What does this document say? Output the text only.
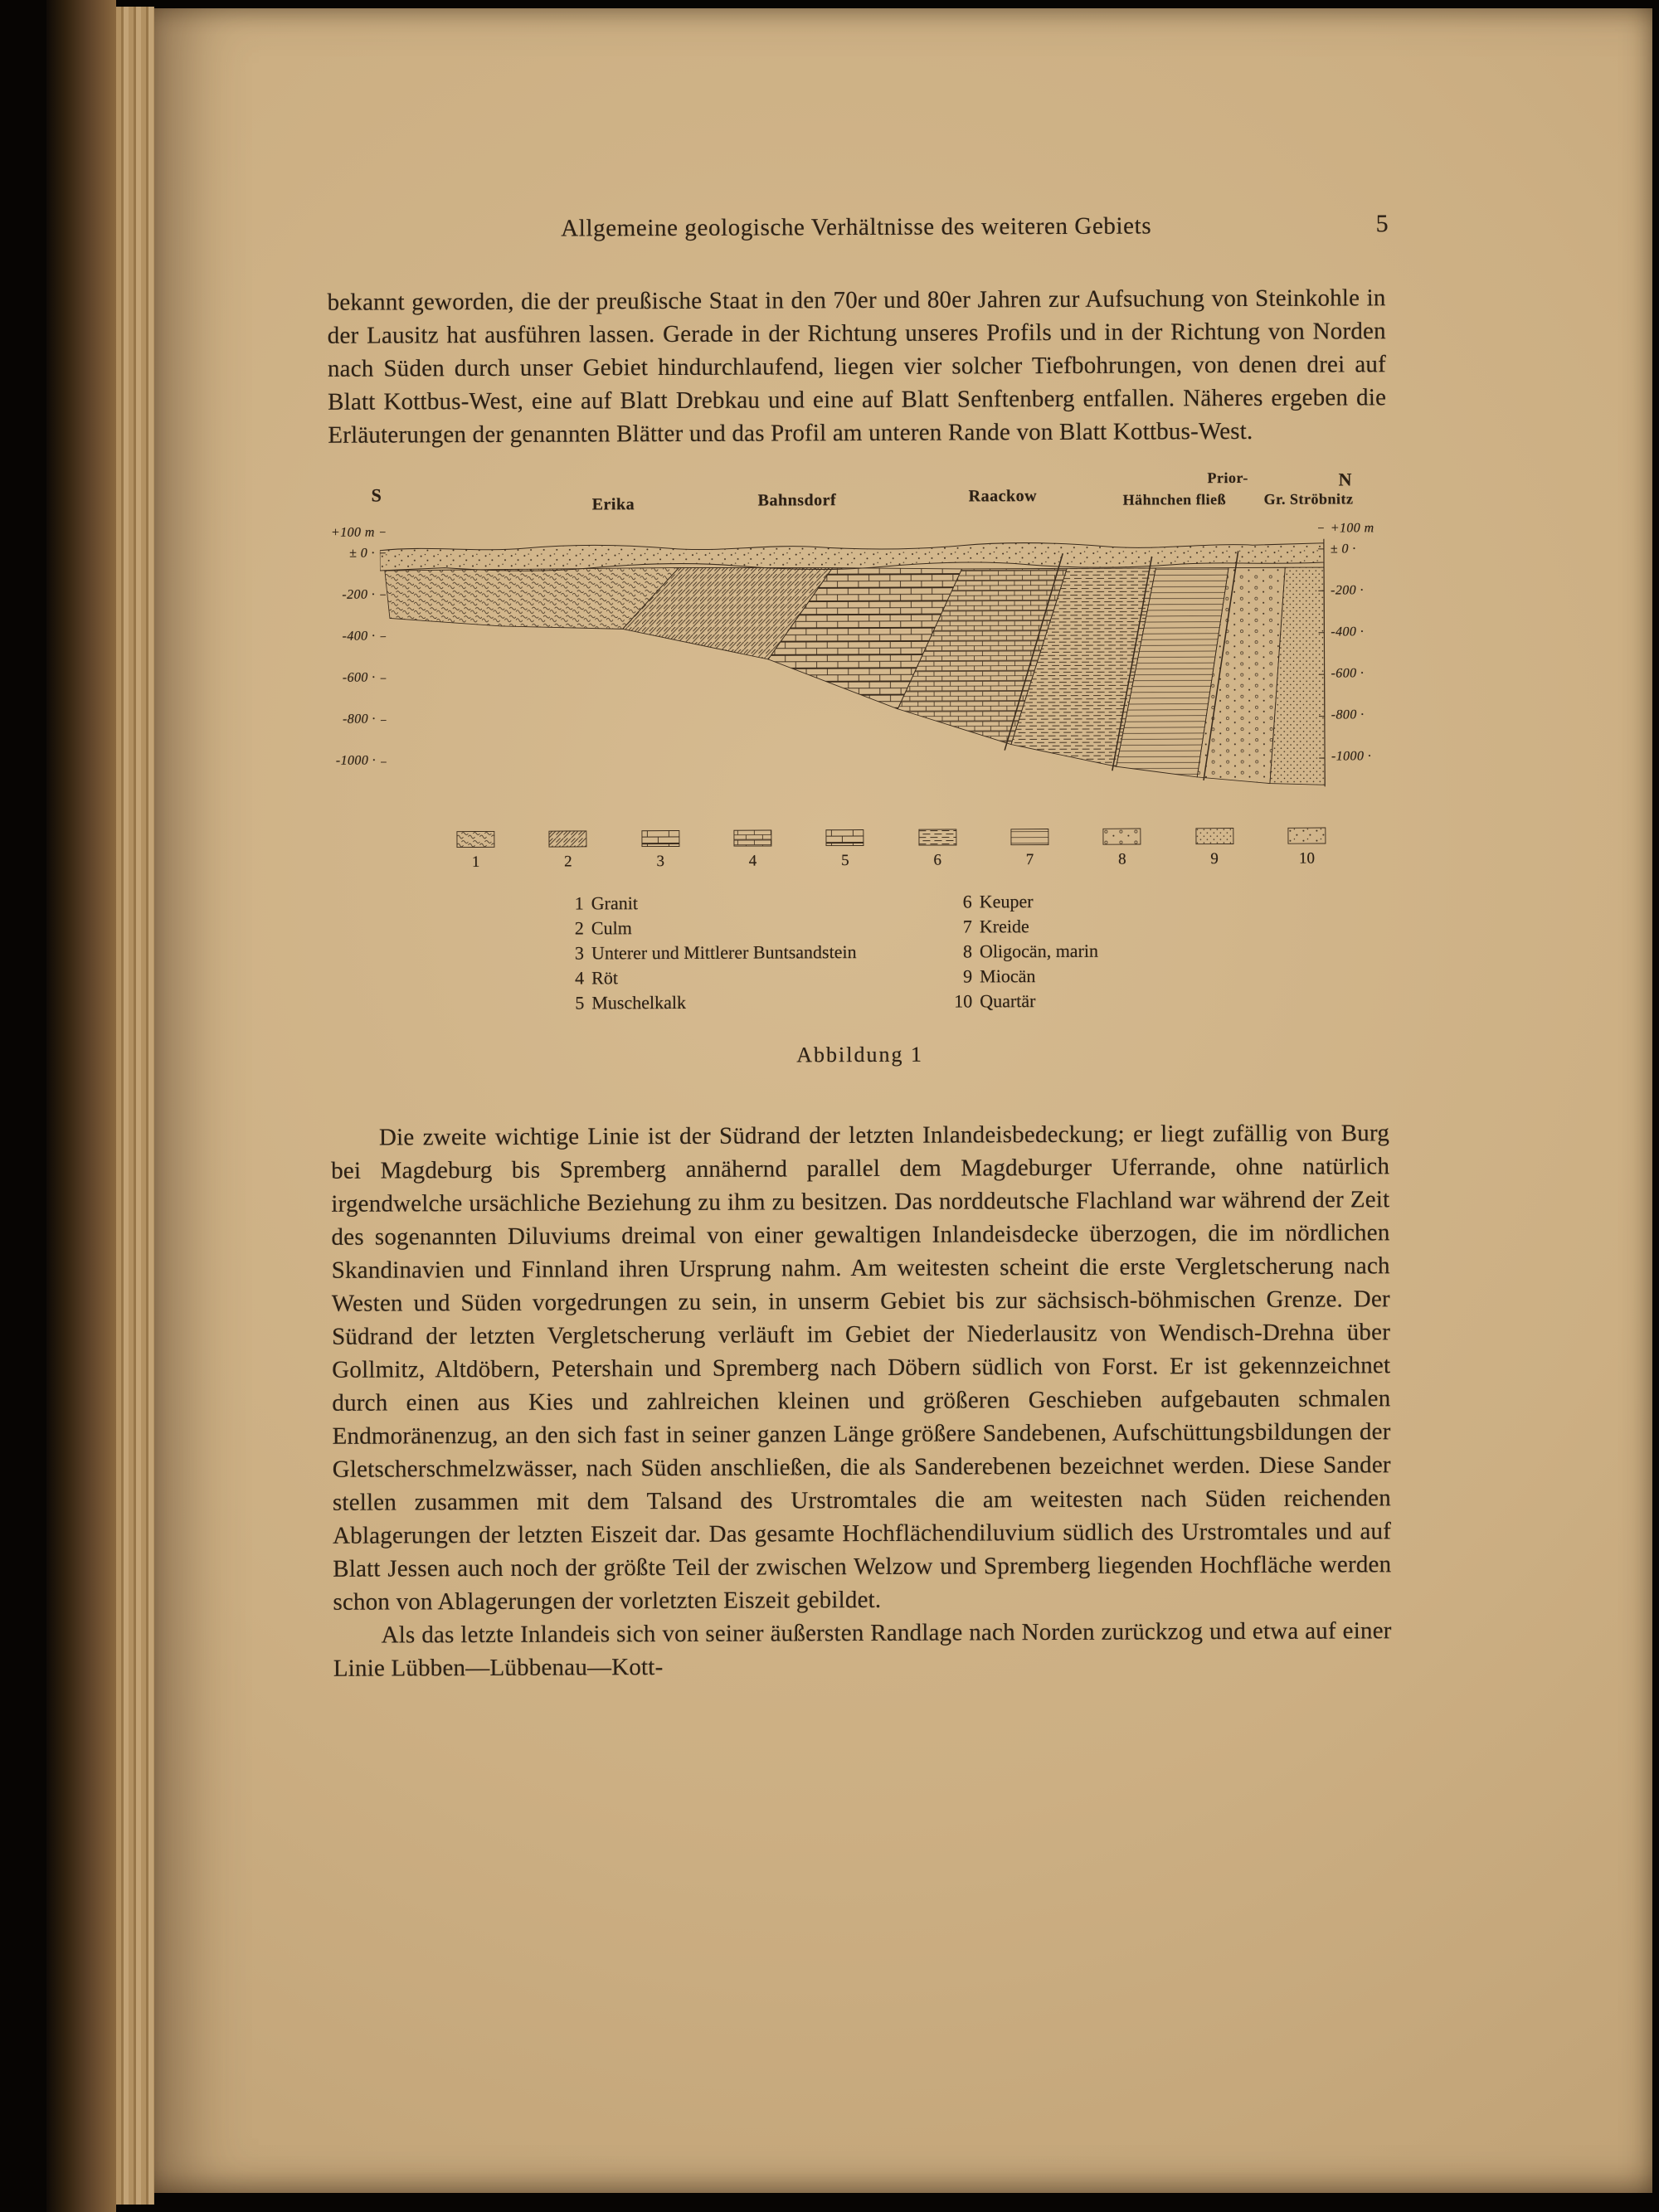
Allgemeine geologische Verhältnisse des weiteren Gebiets	5

bekannt geworden, die der preußische Staat in den 70er und 80er Jahren zur Aufsuchung von Steinkohle in der Lausitz hat ausführen lassen. Gerade in der Richtung unseres Profils und in der Richtung von Norden nach Süden durch unser Gebiet hindurchlaufend, liegen vier solcher Tiefbohrungen, von denen drei auf Blatt Kottbus-West, eine auf Blatt Drebkau und eine auf Blatt Senftenberg entfallen. Näheres ergeben die Erläuterungen der genannten Blätter und das Profil am unteren Rande von Blatt Kottbus-West.

S	Erika	Bahnsdorf	Raackow
Prior-	N
Hähnchen fließ	Gr. Ströbnitz
+100 m
± 0 ·
-200 ·
-400 ·
-600 ·
-800 ·
-1000 ·
+100 m
± 0 ·
-200 ·
-400 ·
-600 ·
-800 ·
-1000 ·
1	2	3	4	5	6	7	8	9	10
1 Granit
2 Culm
3 Unterer und Mittlerer Buntsandstein
4 Röt
5 Muschelkalk
6 Keuper
7 Kreide
8 Oligocän, marin
9 Miocän
10 Quartär
Abbildung 1

Die zweite wichtige Linie ist der Südrand der letzten Inlandeisbedeckung; er liegt zufällig von Burg bei Magdeburg bis Spremberg annähernd parallel dem Magdeburger Uferrande, ohne natürlich irgendwelche ursächliche Beziehung zu ihm zu besitzen. Das norddeutsche Flachland war während der Zeit des sogenannten Diluviums dreimal von einer gewaltigen Inlandeisdecke überzogen, die im nördlichen Skandinavien und Finnland ihren Ursprung nahm. Am weitesten scheint die erste Vergletscherung nach Westen und Süden vorgedrungen zu sein, in unserm Gebiet bis zur sächsisch-böhmischen Grenze. Der Südrand der letzten Vergletscherung verläuft im Gebiet der Niederlausitz von Wendisch-Drehna über Gollmitz, Altdöbern, Petershain und Spremberg nach Döbern südlich von Forst. Er ist gekennzeichnet durch einen aus Kies und zahlreichen kleinen und größeren Geschieben aufgebauten schmalen Endmoränenzug, an den sich fast in seiner ganzen Länge größere Sandebenen, Aufschüttungsbildungen der Gletscherschmelzwässer, nach Süden anschließen, die als Sanderebenen bezeichnet werden. Diese Sander stellen zusammen mit dem Talsand des Urstromtales die am weitesten nach Süden reichenden Ablagerungen der letzten Eiszeit dar. Das gesamte Hochflächendiluvium südlich des Urstromtales und auf Blatt Jessen auch noch der größte Teil der zwischen Welzow und Spremberg liegenden Hochfläche werden schon von Ablagerungen der vorletzten Eiszeit gebildet.

Als das letzte Inlandeis sich von seiner äußersten Randlage nach Norden zurückzog und etwa auf einer Linie Lübben—Lübbenau—Kott-
